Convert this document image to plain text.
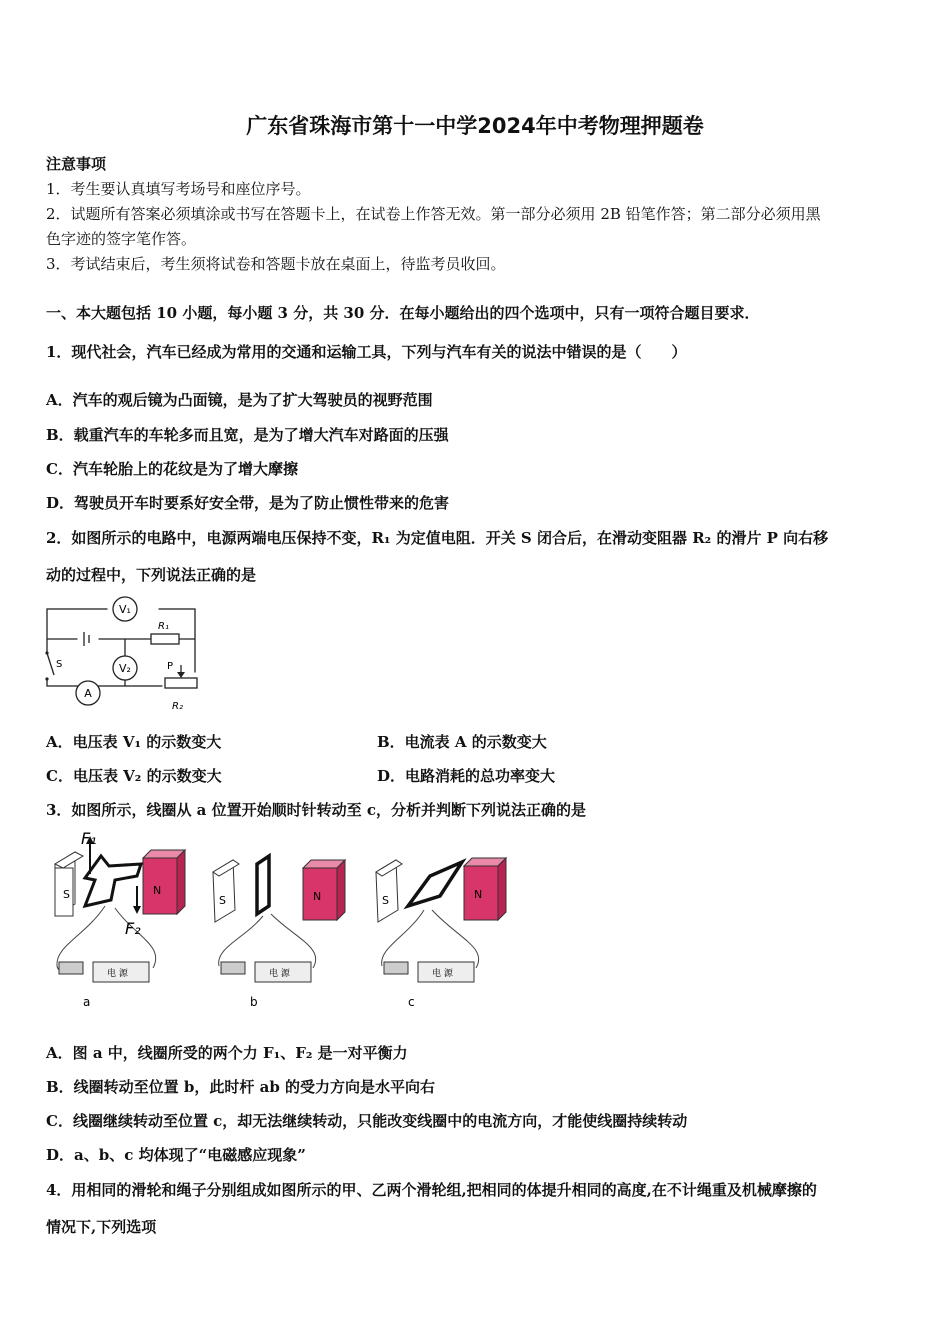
广东省珠海市第十一中学2024年中考物理押题卷
注意事项
1．考生要认真填写考场号和座位序号。
2．试题所有答案必须填涂或书写在答题卡上，在试卷上作答无效。第一部分必须用 2B 铅笔作答；第二部分必须用黑
色字迹的签字笔作答。
3．考试结束后，考生须将试卷和答题卡放在桌面上，待监考员收回。
一、本大题包括 10 小题，每小题 3 分，共 30 分．在每小题给出的四个选项中，只有一项符合题目要求．
1．现代社会，汽车已经成为常用的交通和运输工具，下列与汽车有关的说法中错误的是（　　）
A．汽车的观后镜为凸面镜，是为了扩大驾驶员的视野范围
B．载重汽车的车轮多而且宽，是为了增大汽车对路面的压强
C．汽车轮胎上的花纹是为了增大摩擦
D．驾驶员开车时要系好安全带，是为了防止惯性带来的危害
2．如图所示的电路中，电源两端电压保持不变，R₁ 为定值电阻．开关 S 闭合后，在滑动变阻器 R₂ 的滑片 P 向右移
动的过程中，下列说法正确的是
V₁
V₂
A
R₁
R₂
S	P
A．电压表 V₁ 的示数变大	B．电流表 A 的示数变大
C．电压表 V₂ 的示数变大	D．电路消耗的总功率变大
3．如图所示，线圈从 a 位置开始顺时针转动至 c，分析并判断下列说法正确的是
S	N
F₁
F₂
电 源
a
S	N
电 源
b
S	N
电 源
c
A．图 a 中，线圈所受的两个力 F₁、F₂ 是一对平衡力
B．线圈转动至位置 b，此时杆 ab 的受力方向是水平向右
C．线圈继续转动至位置 c，却无法继续转动，只能改变线圈中的电流方向，才能使线圈持续转动
D．a、b、c 均体现了“电磁感应现象”
4．用相同的滑轮和绳子分别组成如图所示的甲、乙两个滑轮组,把相同的体提升相同的高度,在不计绳重及机械摩擦的
情况下,下列选项
